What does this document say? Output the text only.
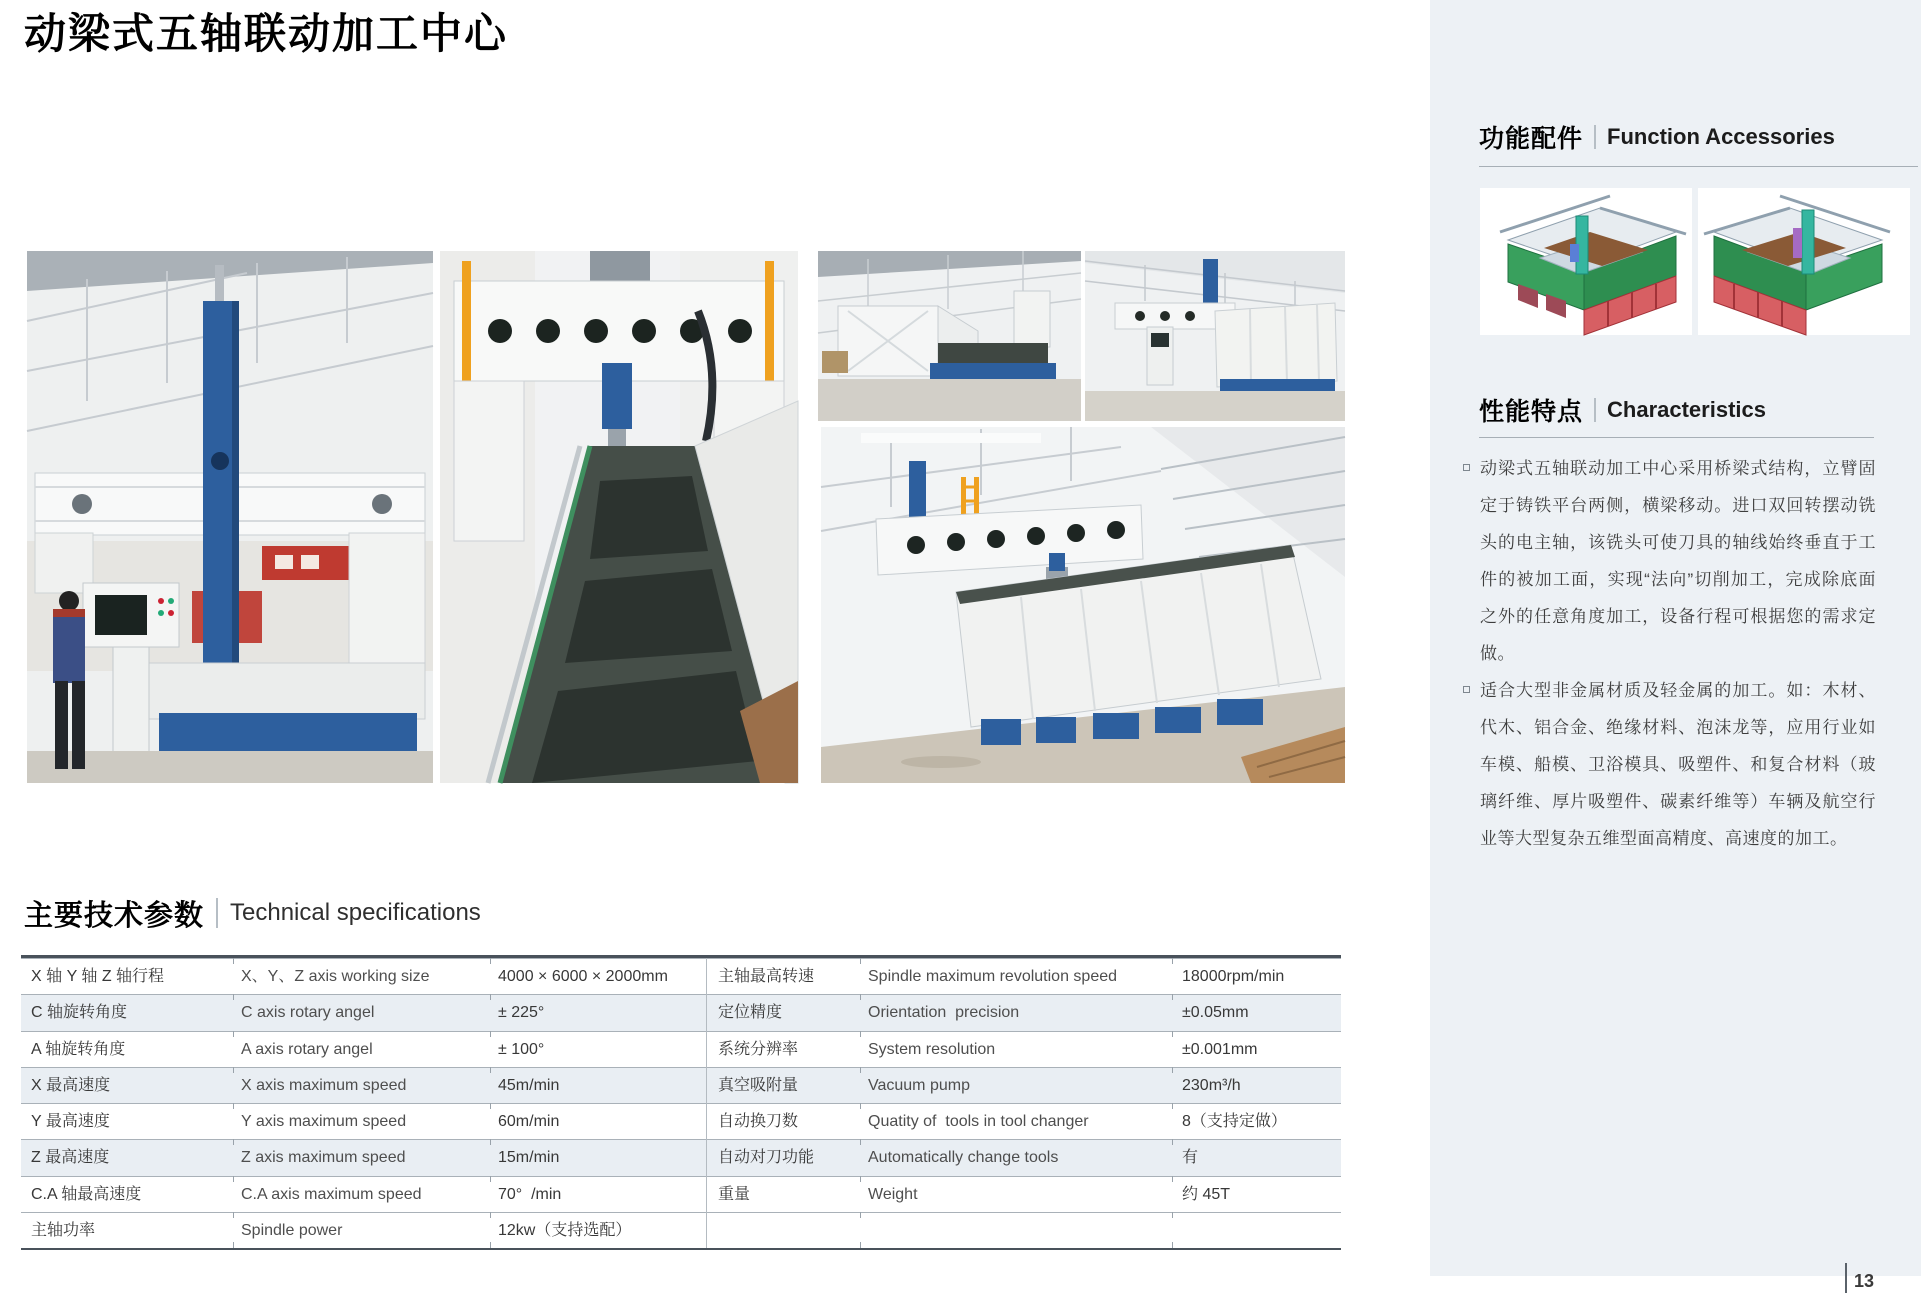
动梁式五轴联动加工中心
主要技术参数 Technical specifications
X 轴 Y 轴 Z 轴行程	X、Y、Z axis working size	4000 × 6000 × 2000mm	主轴最高转速	Spindle maximum revolution speed	18000rpm/min
C 轴旋转角度	C axis rotary angel	± 225°	定位精度	Orientation  precision	±0.05mm
A 轴旋转角度	A axis rotary angel	± 100°	系统分辨率	System resolution	±0.001mm
X 最高速度	X axis maximum speed	45m/min	真空吸附量	Vacuum pump	230m³/h
Y 最高速度	Y axis maximum speed	60m/min	自动换刀数	Quatity of  tools in tool changer	8（支持定做）
Z 最高速度	Z axis maximum speed	15m/min	自动对刀功能	Automatically change tools	有
C.A 轴最高速度	C.A axis maximum speed	70°  /min	重量	Weight	约 45T
主轴功率	Spindle power	12kw（支持选配）
功能配件 Function Accessories
性能特点 Characteristics
动梁式五轴联动加工中心采用桥梁式结构，立臂固定于铸铁平台两侧，横梁移动。进口双回转摆动铣头的电主轴，该铣头可使刀具的轴线始终垂直于工件的被加工面，实现“法向”切削加工，完成除底面之外的任意角度加工，设备行程可根据您的需求定做。
适合大型非金属材质及轻金属的加工。如：木材、代木、铝合金、绝缘材料、泡沫龙等，应用行业如车模、船模、卫浴模具、吸塑件、和复合材料（玻璃纤维、厚片吸塑件、碳素纤维等）车辆及航空行业等大型复杂五维型面高精度、高速度的加工。
13
